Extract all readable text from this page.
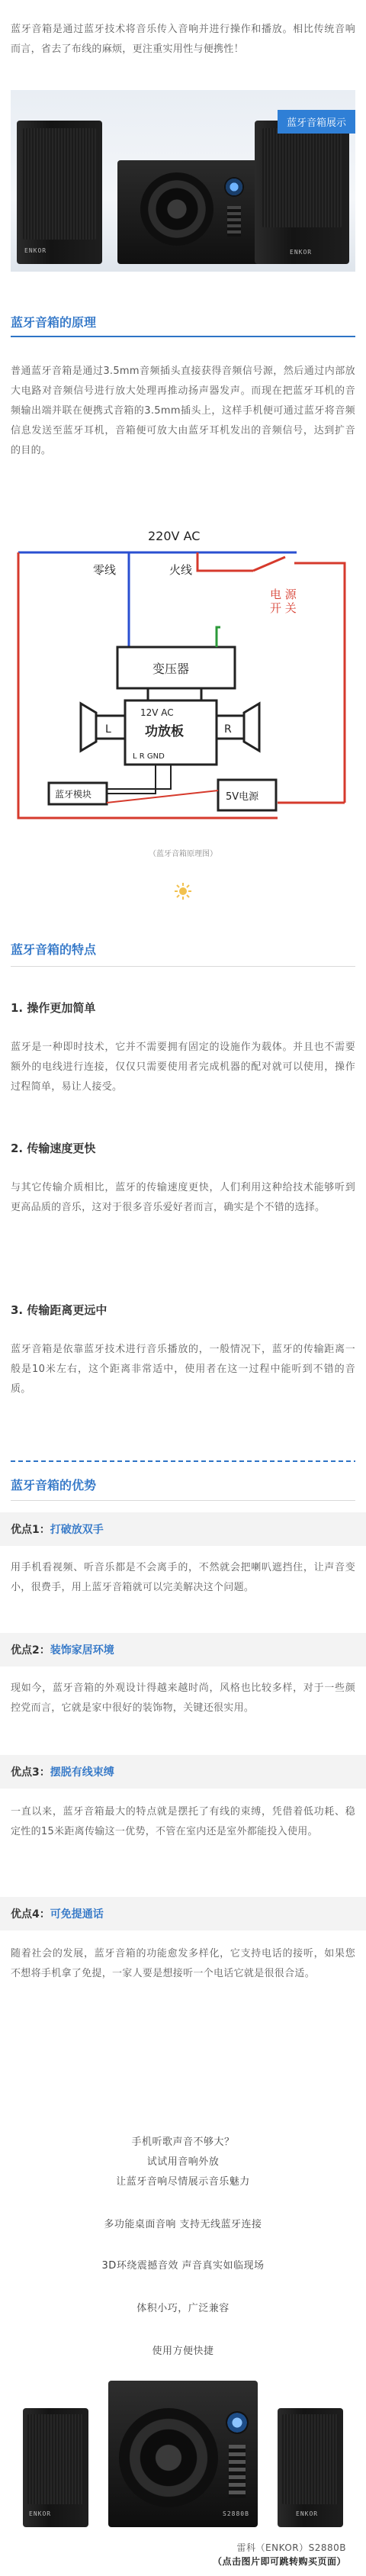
蓝牙音箱是通过蓝牙技术将音乐传入音响并进行操作和播放。相比传统音响而言，省去了布线的麻烦，更注重实用性与便携性！

ENKOR	ENKOR
蓝牙音箱展示
蓝牙音箱的原理

普通蓝牙音箱是通过3.5mm音频插头直接获得音频信号源，然后通过内部放大电路对音频信号进行放大处理再推动扬声器发声。而现在把蓝牙耳机的音频输出端并联在便携式音箱的3.5mm插头上，这样手机便可通过蓝牙将音频信息发送至蓝牙耳机，音箱便可放大由蓝牙耳机发出的音频信号，达到扩音的目的。

220V AC
零线	火线
电 源
开 关
变压器
12V AC
功放板
L R GND
L	R
蓝牙模块	5V电源
（蓝牙音箱原理图）
蓝牙音箱的特点
1. 操作更加简单

蓝牙是一种即时技术，它并不需要拥有固定的设施作为载体。并且也不需要额外的电线进行连接，仅仅只需要使用者完成机器的配对就可以使用，操作过程简单，易让人接受。

2. 传输速度更快

与其它传输介质相比，蓝牙的传输速度更快，人们利用这种给技术能够听到更高品质的音乐，这对于很多音乐爱好者而言，确实是个不错的选择。

3. 传输距离更远中

蓝牙音箱是依靠蓝牙技术进行音乐播放的，一般情况下，蓝牙的传输距离一般是10米左右，这个距离非常适中，使用者在这一过程中能听到不错的音质。

蓝牙音箱的优势
优点1：打破放双手

用手机看视频、听音乐都是不会离手的，不然就会把喇叭遮挡住，让声音变小，很费手，用上蓝牙音箱就可以完美解决这个问题。

优点2：装饰家居环境

现如今，蓝牙音箱的外观设计得越来越时尚，风格也比较多样，对于一些颜控党而言，它就是家中很好的装饰物，关键还很实用。

优点3：摆脱有线束缚

一直以来，蓝牙音箱最大的特点就是摆托了有线的束缚，凭借着低功耗、稳定性的15米距离传输这一优势，不管在室内还是室外都能投入使用。

优点4：可免提通话

随着社会的发展，蓝牙音箱的功能愈发多样化，它支持电话的接听，如果您不想将手机拿了免提，一家人要是想接听一个电话它就是很很合适。

手机听歌声音不够大？
试试用音响外放
让蓝牙音响尽情展示音乐魅力
多功能桌面音响 支持无线蓝牙连接
3D环绕震撼音效 声音真实如临现场
体积小巧，广泛兼容
使用方便快捷
ENKOR	S2880B	ENKOR
雷科（ENKOR）S2880B
（点击图片即可跳转购买页面）
